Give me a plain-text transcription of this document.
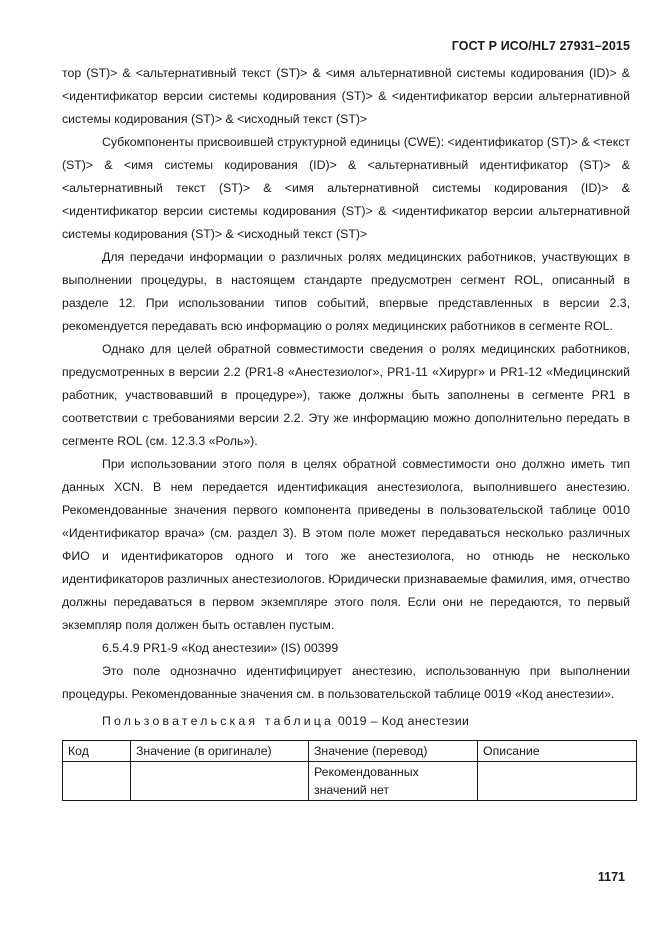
ГОСТ Р ИСО/HL7 27931–2015

тор (ST)> & <альтернативный текст (ST)> & <имя альтернативной системы кодирования (ID)> & <идентификатор версии системы кодирования (ST)> & <идентификатор версии альтернативной системы кодирования (ST)> & <исходный текст (ST)>

Субкомпоненты присвоившей структурной единицы (CWE): <идентификатор (ST)> & <текст (ST)> & <имя системы кодирования (ID)> & <альтернативный идентификатор (ST)> & <альтернативный текст (ST)> & <имя альтернативной системы кодирования (ID)> & <идентификатор версии системы кодирования (ST)> & <идентификатор версии альтернативной системы кодирования (ST)> & <исходный текст (ST)>

Для передачи информации о различных ролях медицинских работников, участвующих в выполнении процедуры, в настоящем стандарте предусмотрен сегмент ROL, описанный в разделе 12. При использовании типов событий, впервые представленных в версии 2.3, рекомендуется передавать всю информацию о ролях медицинских работников в сегменте ROL.

Однако для целей обратной совместимости сведения о ролях медицинских работников, предусмотренных в версии 2.2 (PR1-8 «Анестезиолог», PR1-11 «Хирург» и PR1-12 «Медицинский работник, участвовавший в процедуре»), также должны быть заполнены в сегменте PR1 в соответствии с требованиями версии 2.2. Эту же информацию можно дополнительно передать в сегменте ROL (см. 12.3.3 «Роль»).

При использовании этого поля в целях обратной совместимости оно должно иметь тип данных XCN. В нем передается идентификация анестезиолога, выполнившего анестезию. Рекомендованные значения первого компонента приведены в пользовательской таблице 0010 «Идентификатор врача» (см. раздел 3). В этом поле может передаваться несколько различных ФИО и идентификаторов одного и того же анестезиолога, но отнюдь не несколько идентификаторов различных анестезиологов. Юридически признаваемые фамилия, имя, отчество должны передаваться в первом экземпляре этого поля. Если они не передаются, то первый экземпляр поля должен быть оставлен пустым.

6.5.4.9 PR1-9 «Код анестезии» (IS) 00399

Это поле однозначно идентифицирует анестезию, использованную при выполнении процедуры. Рекомендованные значения см. в пользовательской таблице 0019 «Код анестезии».

Пользовательская таблица 0019 – Код анестезии
Код	Значение (в оригинале)	Значение (перевод)	Описание
		Рекомендованных значений нет	
1171
